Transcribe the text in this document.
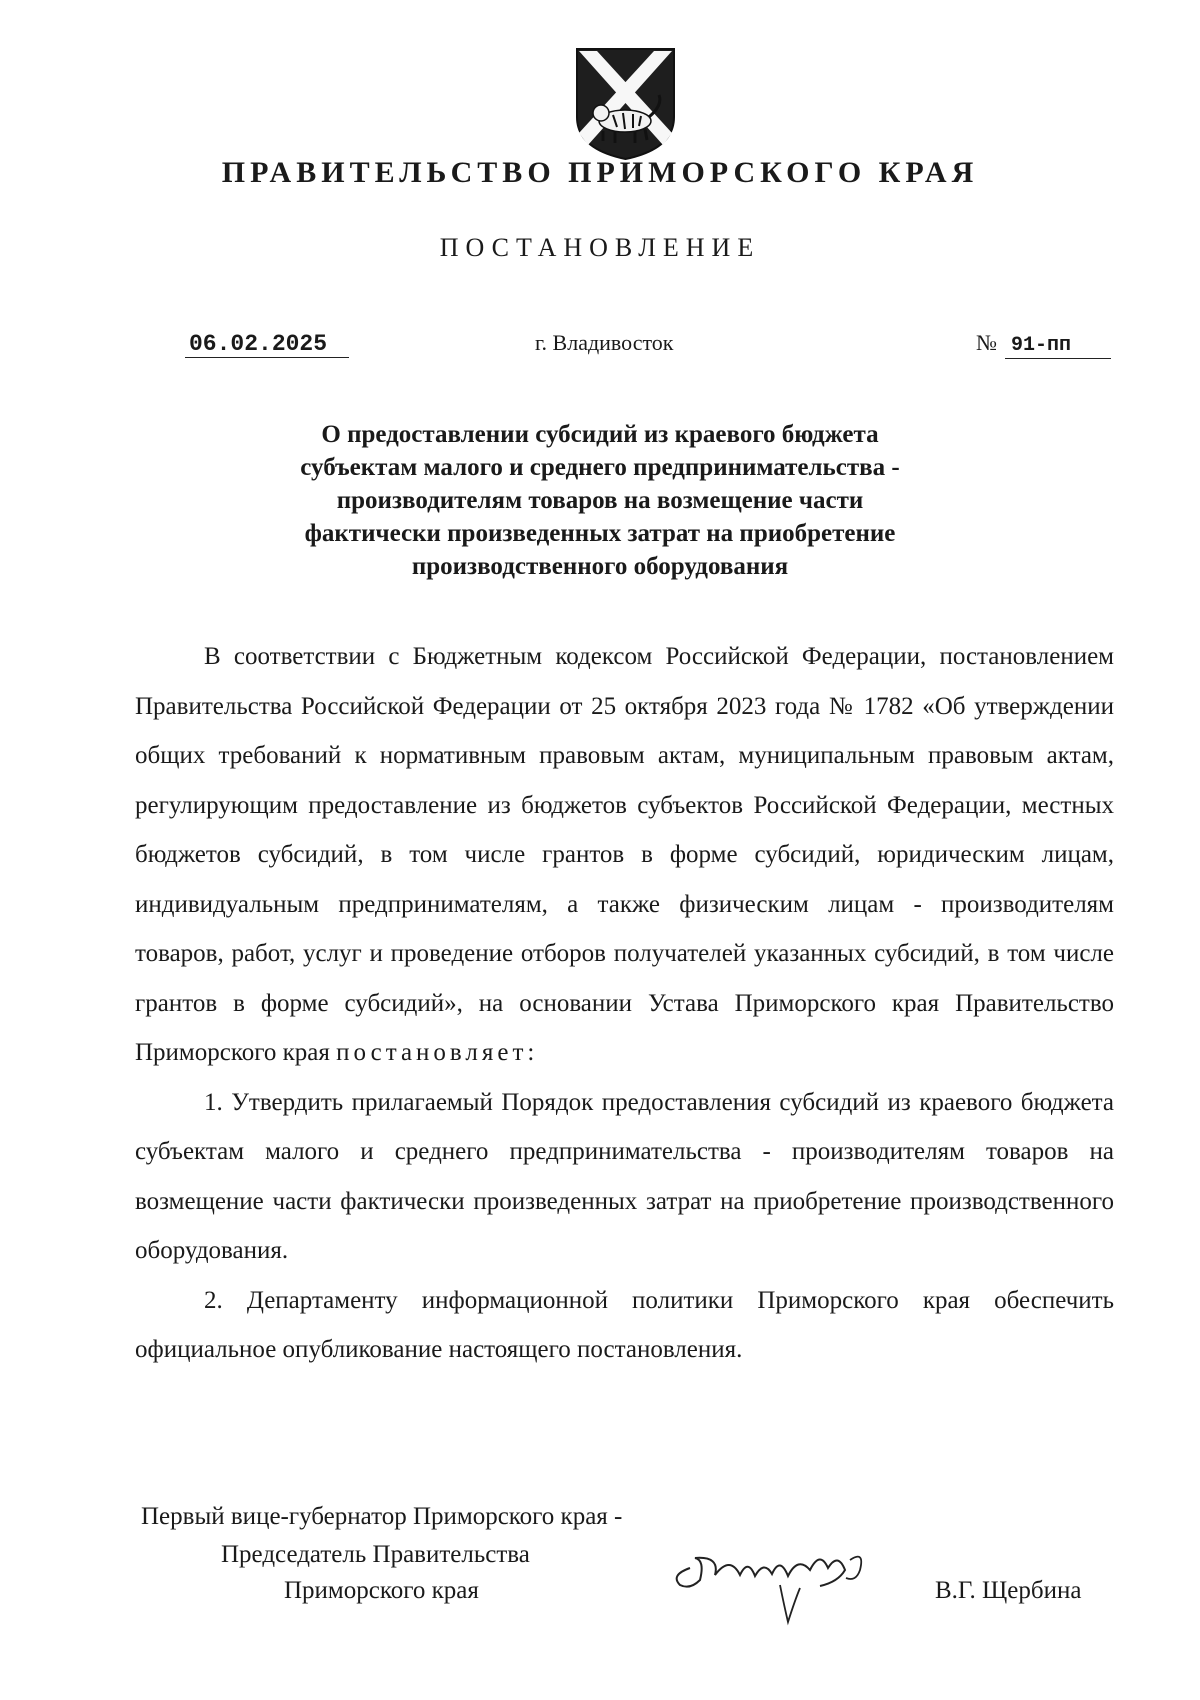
ПРАВИТЕЛЬСТВО ПРИМОРСКОГО КРАЯ
ПОСТАНОВЛЕНИЕ
06.02.2025	г. Владивосток	№ 91-пп
О предоставлении субсидий из краевого бюджета
субъектам малого и среднего предпринимательства -
производителям товаров на возмещение части
фактически произведенных затрат на приобретение
производственного оборудования

В соответствии с Бюджетным кодексом Российской Федерации, постановлением Правительства Российской Федерации от 25 октября 2023 года № 1782 «Об утверждении общих требований к нормативным правовым актам, муниципальным правовым актам, регулирующим предоставление из бюджетов субъектов Российской Федерации, местных бюджетов субсидий, в том числе грантов в форме субсидий, юридическим лицам, индивидуальным предпринимателям, а также физическим лицам - производителям товаров, работ, услуг и проведение отборов получателей указанных субсидий, в том числе грантов в форме субсидий», на основании Устава Приморского края Правительство Приморского края постановляет:

1. Утвердить прилагаемый Порядок предоставления субсидий из краевого бюджета субъектам малого и среднего предпринимательства - производителям товаров на возмещение части фактически произведенных затрат на приобретение производственного оборудования.

2. Департаменту информационной политики Приморского края обеспечить официальное опубликование настоящего постановления.

Первый вице-губернатор Приморского края -
Председатель Правительства
Приморского края	В.Г. Щербина
